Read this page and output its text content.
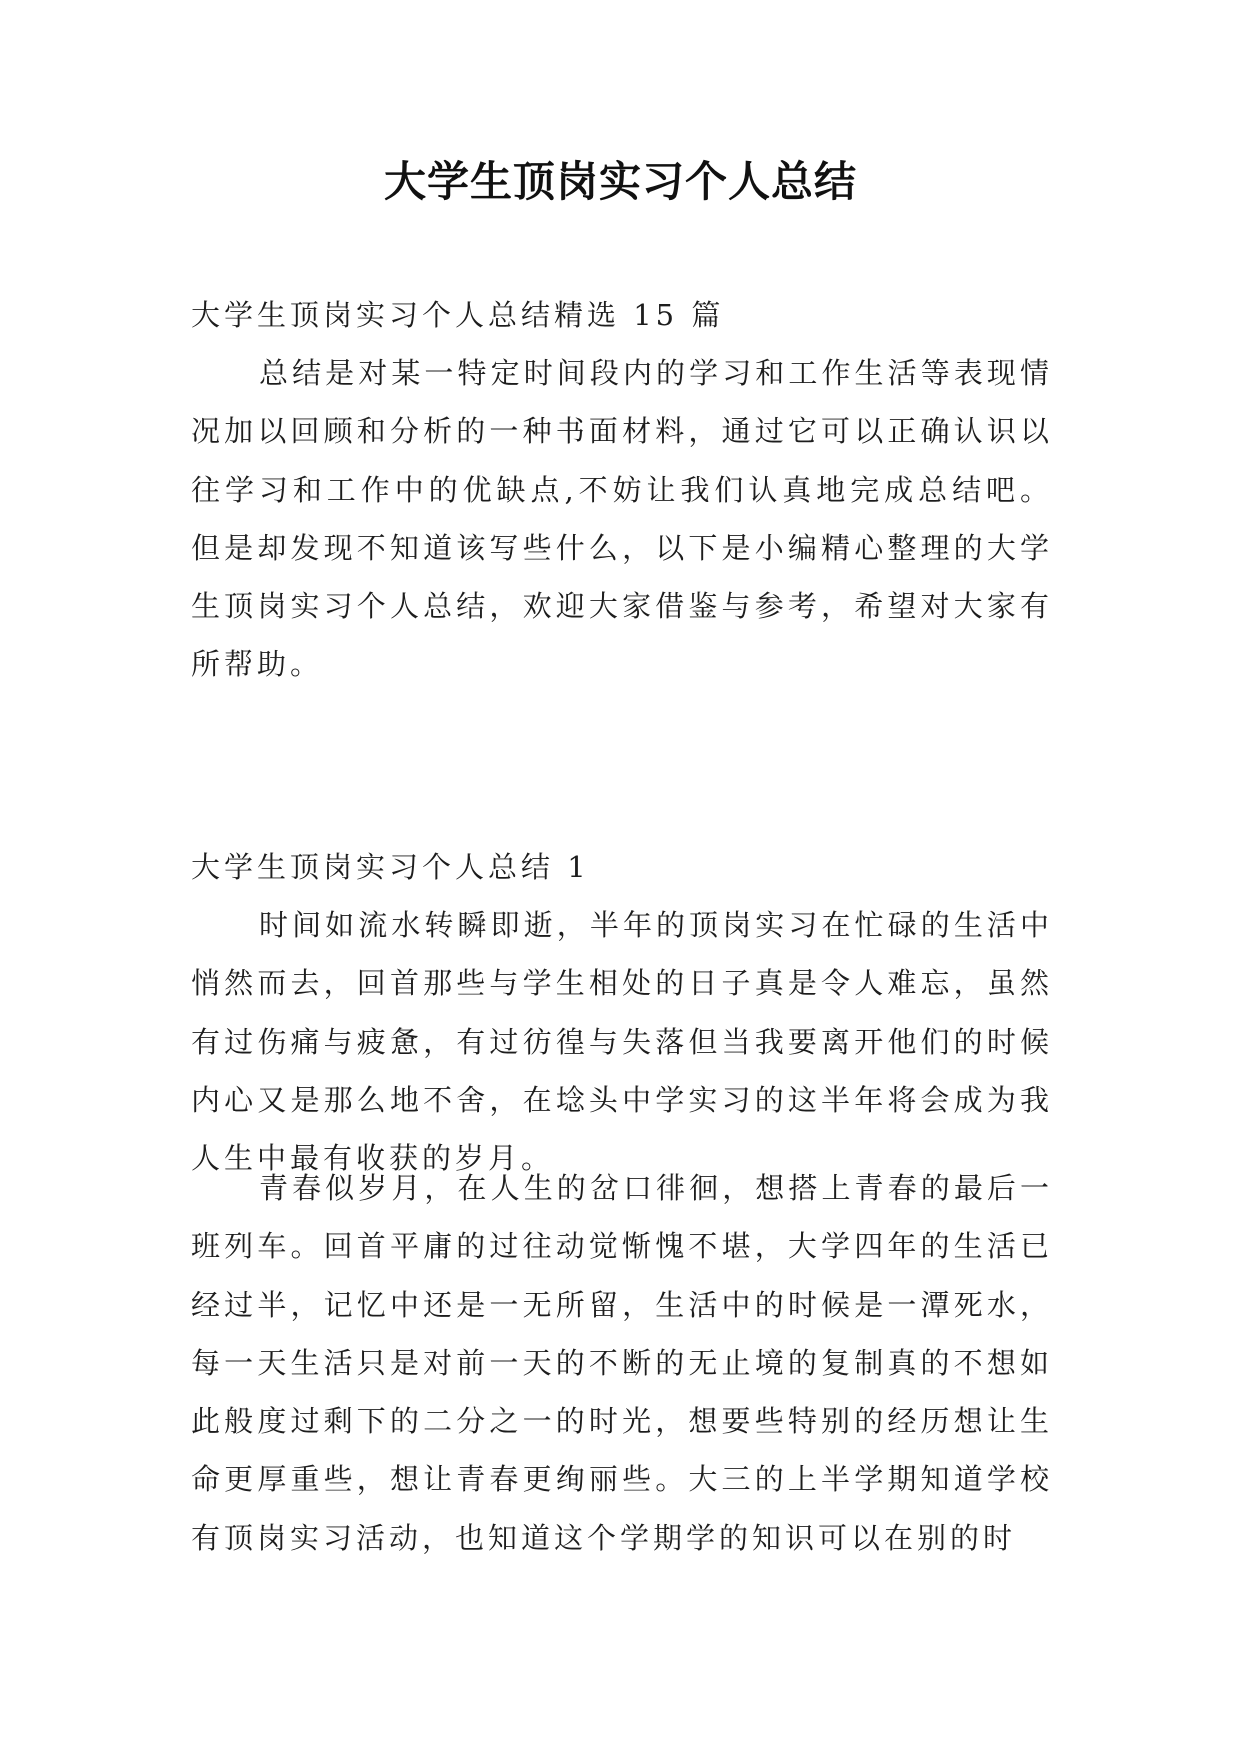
大学生顶岗实习个人总结

大学生顶岗实习个人总结精选 15 篇

总结是对某一特定时间段内的学习和工作生活等表现情况加以回顾和分析的一种书面材料，通过它可以正确认识以往学习和工作中的优缺点,不妨让我们认真地完成总结吧。但是却发现不知道该写些什么，以下是小编精心整理的大学生顶岗实习个人总结，欢迎大家借鉴与参考，希望对大家有所帮助。

大学生顶岗实习个人总结 1

时间如流水转瞬即逝，半年的顶岗实习在忙碌的生活中悄然而去，回首那些与学生相处的日子真是令人难忘，虽然有过伤痛与疲惫，有过彷徨与失落但当我要离开他们的时候内心又是那么地不舍，在埝头中学实习的这半年将会成为我人生中最有收获的岁月。

青春似岁月，在人生的岔口徘徊，想搭上青春的最后一班列车。回首平庸的过往动觉惭愧不堪，大学四年的生活已经过半，记忆中还是一无所留，生活中的时候是一潭死水，每一天生活只是对前一天的不断的无止境的复制真的不想如此般度过剩下的二分之一的时光，想要些特别的经历想让生命更厚重些，想让青春更绚丽些。大三的上半学期知道学校有顶岗实习活动，也知道这个学期学的知识可以在别的时
